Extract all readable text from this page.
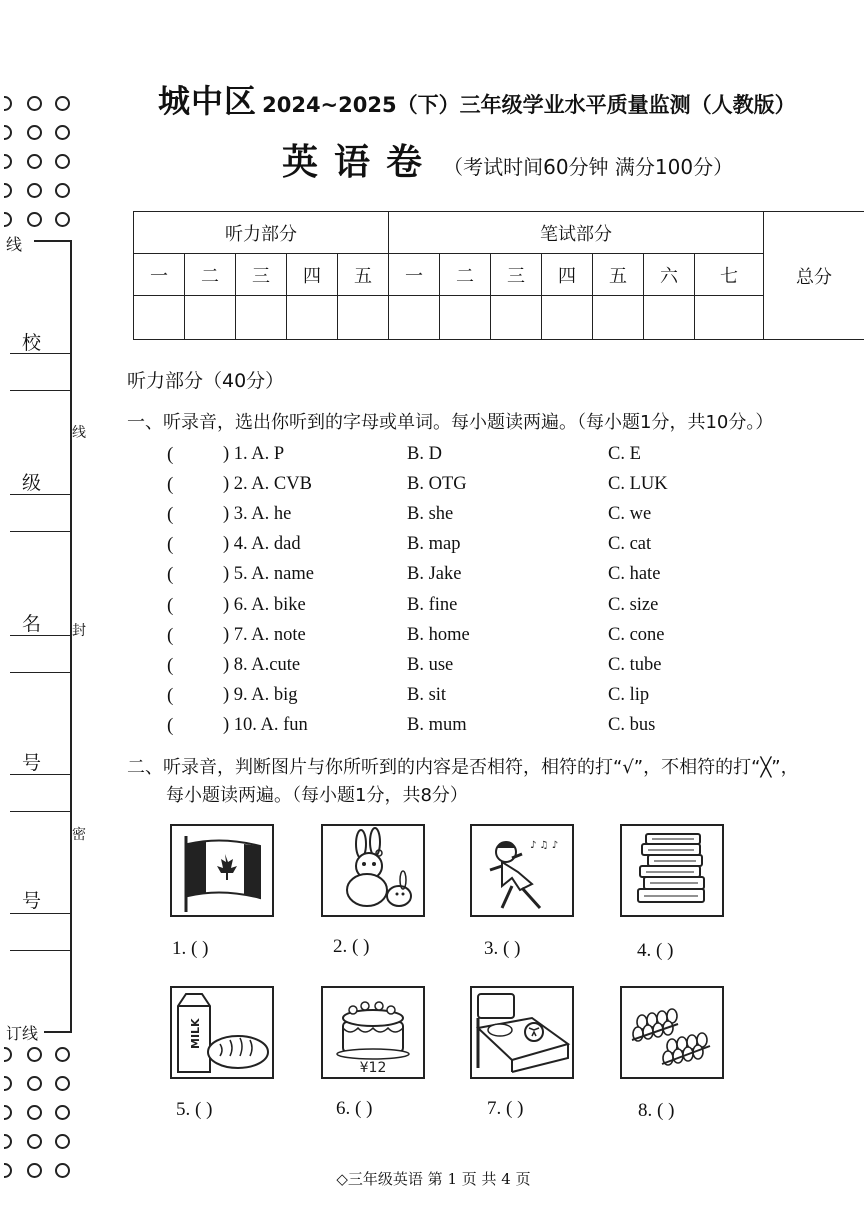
线
订线
线
封
密
校
级
名
号
号
城中区 2024~2025（下）三年级学业水平质量监测（人教版）
英语卷 （考试时间60分钟 满分100分）
听力部分					笔试部分							总分
一	二	三	四	五	一	二	三	四	五	六	七	

听力部分（40分）
一、听录音，选出你听到的字母或单词。每小题读两遍。（每小题1分，共10分。）
(	) 1. A. P	B. D	C. E
(	) 2. A. CVB	B. OTG	C. LUK
(	) 3. A. he	B. she	C. we
(	) 4. A. dad	B. map	C. cat
(	) 5. A. name	B. Jake	C. hate
(	) 6. A. bike	B. fine	C. size
(	) 7. A. note	B. home	C. cone
(	) 8. A.cute	B. use	C. tube
(	) 9. A. big	B. sit	C. lip
(	) 10. A. fun	B. mum	C. bus
二、听录音，判断图片与你所听到的内容是否相符，相符的打“√”，不相符的打“╳”，
每小题读两遍。（每小题1分，共8分）
♪ ♫ ♪
1. ( )	2. ( )	3. ( )	4. ( )
MILK
¥12
5. ( )	6. ( )	7. ( )	8. ( )
◇三年级英语 第 1 页 共 4 页
